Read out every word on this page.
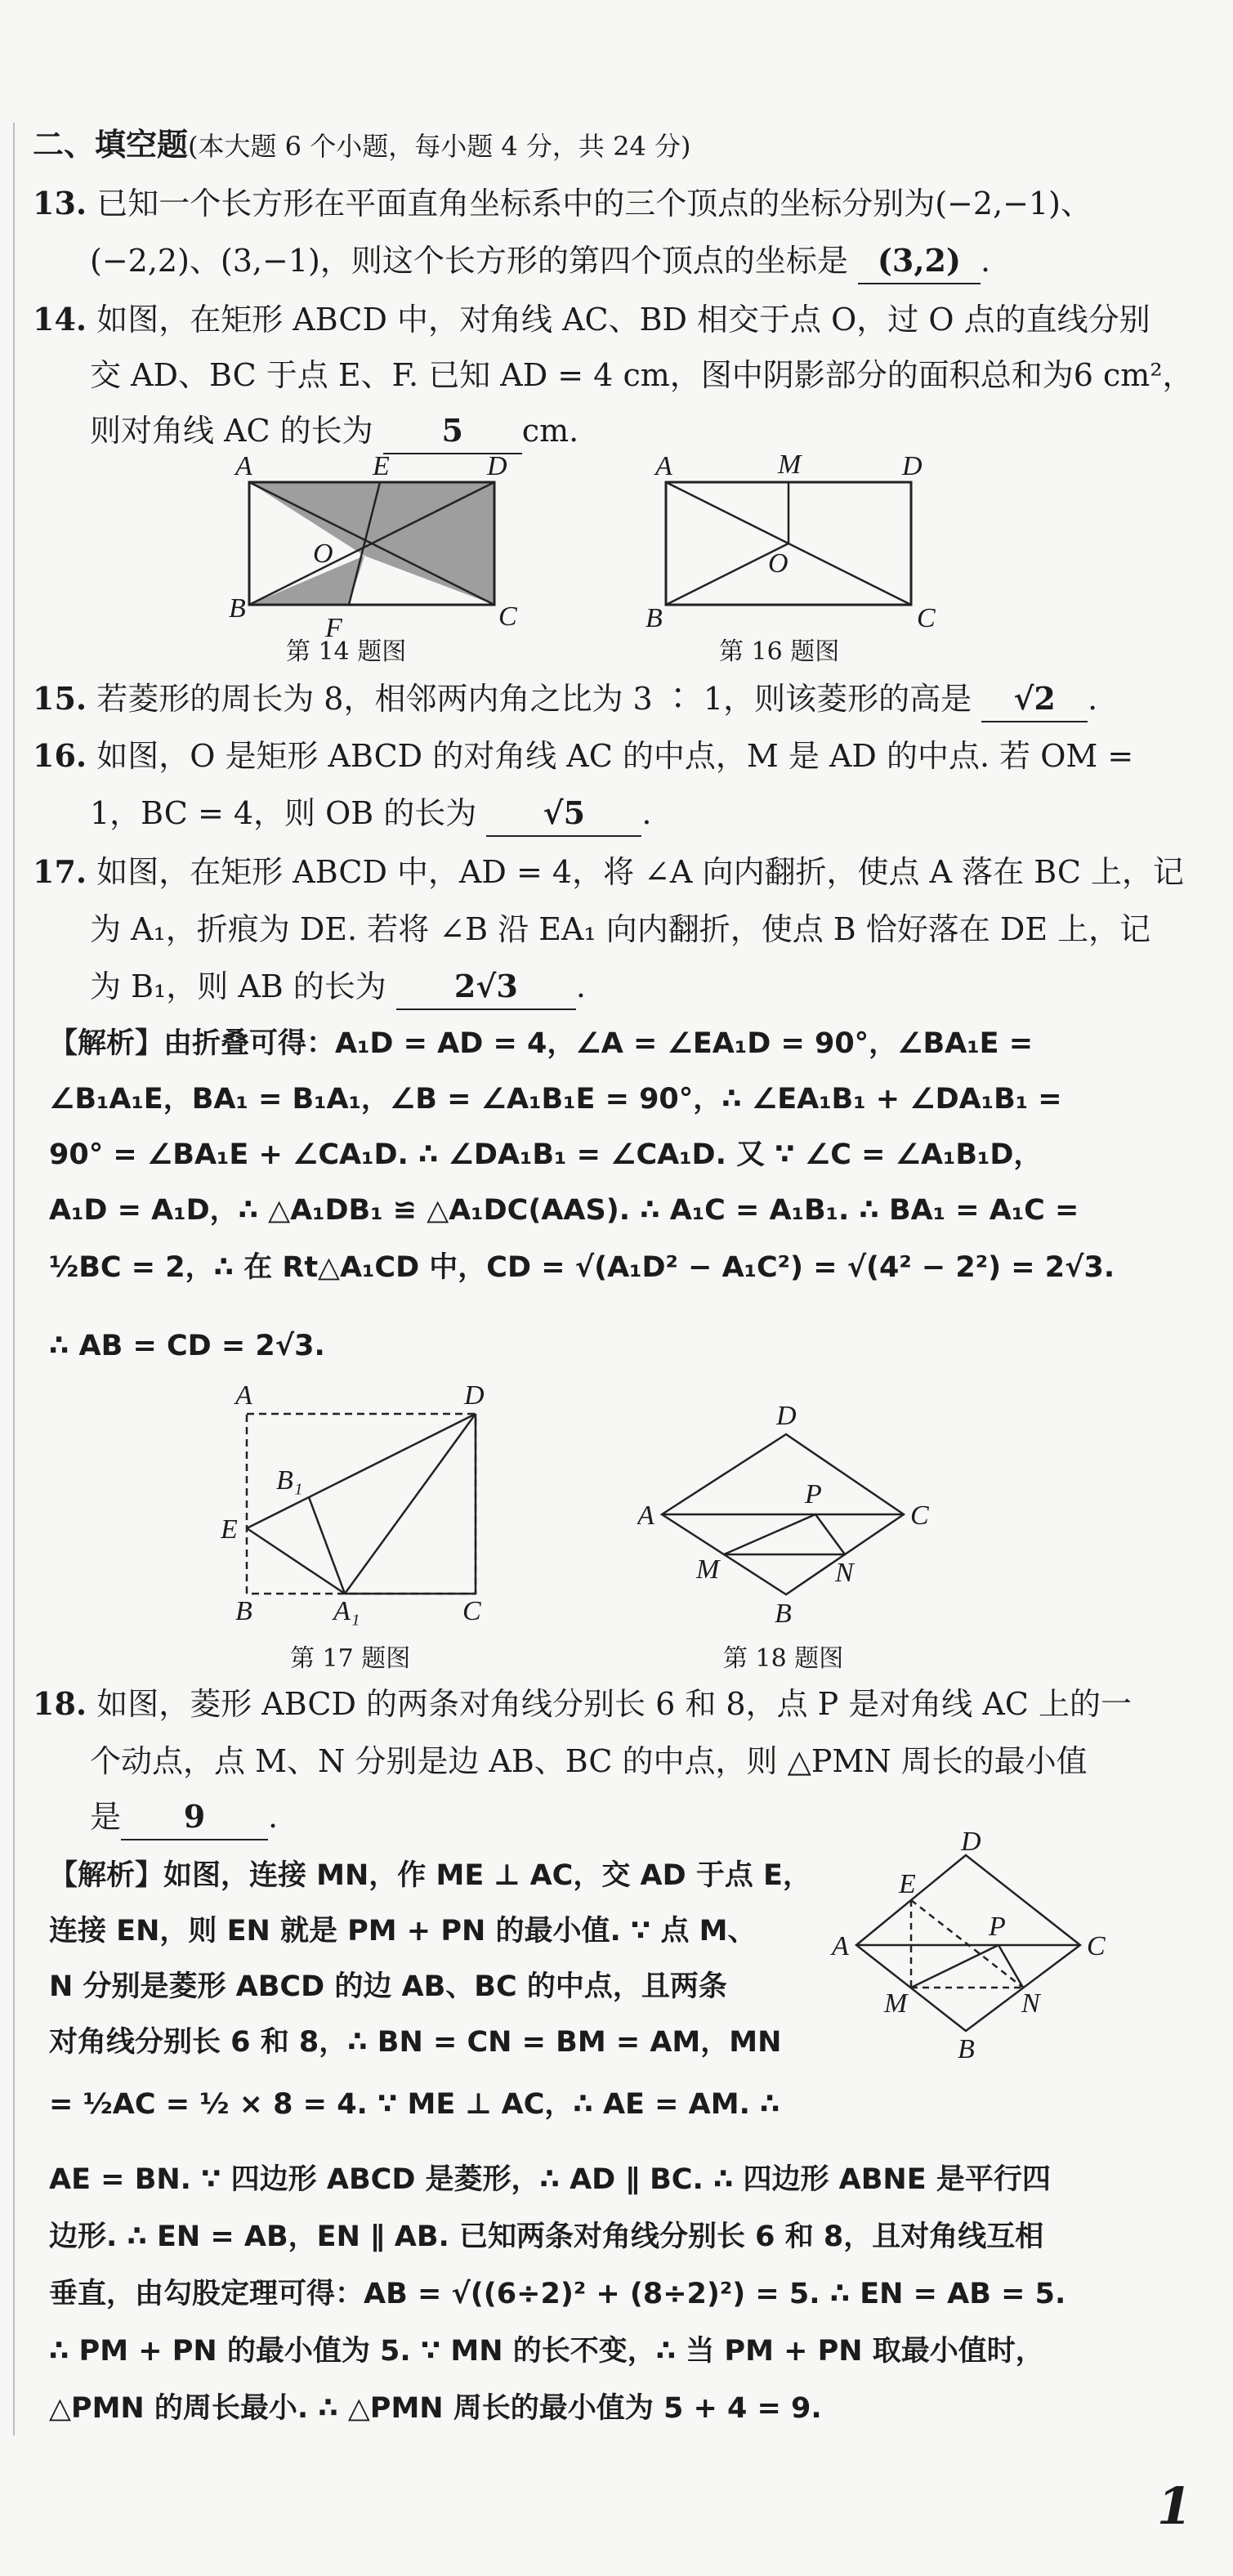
二、填空题(本大题 6 个小题，每小题 4 分，共 24 分)
13. 已知一个长方形在平面直角坐标系中的三个顶点的坐标分别为(−2,−1)、
(−2,2)、(3,−1)，则这个长方形的第四个顶点的坐标是 (3,2) .
14. 如图，在矩形 ABCD 中，对角线 AC、BD 相交于点 O，过 O 点的直线分别
交 AD、BC 于点 E、F. 已知 AD = 4 cm，图中阴影部分的面积总和为6 cm²，
则对角线 AC 的长为 5 cm.
A	E	D
O
B
F	C
第 14 题图
A	M	D
O
B	C
第 16 题图
15. 若菱形的周长为 8，相邻两内角之比为 3 ∶ 1，则该菱形的高是 √2 .
16. 如图，O 是矩形 ABCD 的对角线 AC 的中点，M 是 AD 的中点. 若 OM =
1，BC = 4，则 OB 的长为 √5 .
17. 如图，在矩形 ABCD 中，AD = 4，将 ∠A 向内翻折，使点 A 落在 BC 上，记
为 A₁，折痕为 DE. 若将 ∠B 沿 EA₁ 向内翻折，使点 B 恰好落在 DE 上，记
为 B₁，则 AB 的长为 2√3 .
【解析】由折叠可得：A₁D = AD = 4，∠A = ∠EA₁D = 90°，∠BA₁E =
∠B₁A₁E，BA₁ = B₁A₁，∠B = ∠A₁B₁E = 90°，∴ ∠EA₁B₁ + ∠DA₁B₁ =
90° = ∠BA₁E + ∠CA₁D. ∴ ∠DA₁B₁ = ∠CA₁D. 又 ∵ ∠C = ∠A₁B₁D，
A₁D = A₁D，∴ △A₁DB₁ ≌ △A₁DC(AAS). ∴ A₁C = A₁B₁. ∴ BA₁ = A₁C =
½BC = 2，∴ 在 Rt△A₁CD 中，CD = √(A₁D² − A₁C²) = √(4² − 2²) = 2√3.
∴ AB = CD = 2√3.
A	D
B₁
E
B	A₁	C
第 17 题图
D
A
P
C
M	N
B
第 18 题图
18. 如图，菱形 ABCD 的两条对角线分别长 6 和 8，点 P 是对角线 AC 上的一
个动点，点 M、N 分别是边 AB、BC 的中点，则 △PMN 周长的最小值
是 9 .
【解析】如图，连接 MN，作 ME ⊥ AC，交 AD 于点 E，
连接 EN，则 EN 就是 PM + PN 的最小值. ∵ 点 M、
N 分别是菱形 ABCD 的边 AB、BC 的中点，且两条
对角线分别长 6 和 8，∴ BN = CN = BM = AM，MN
= ½AC = ½ × 8 = 4. ∵ ME ⊥ AC，∴ AE = AM. ∴
D
E
A
P
C
M	N
B
AE = BN. ∵ 四边形 ABCD 是菱形，∴ AD ∥ BC. ∴ 四边形 ABNE 是平行四
边形. ∴ EN = AB，EN ∥ AB. 已知两条对角线分别长 6 和 8，且对角线互相
垂直，由勾股定理可得：AB = √((6÷2)² + (8÷2)²) = 5. ∴ EN = AB = 5.
∴ PM + PN 的最小值为 5. ∵ MN 的长不变，∴ 当 PM + PN 取最小值时，
△PMN 的周长最小. ∴ △PMN 周长的最小值为 5 + 4 = 9.
1
